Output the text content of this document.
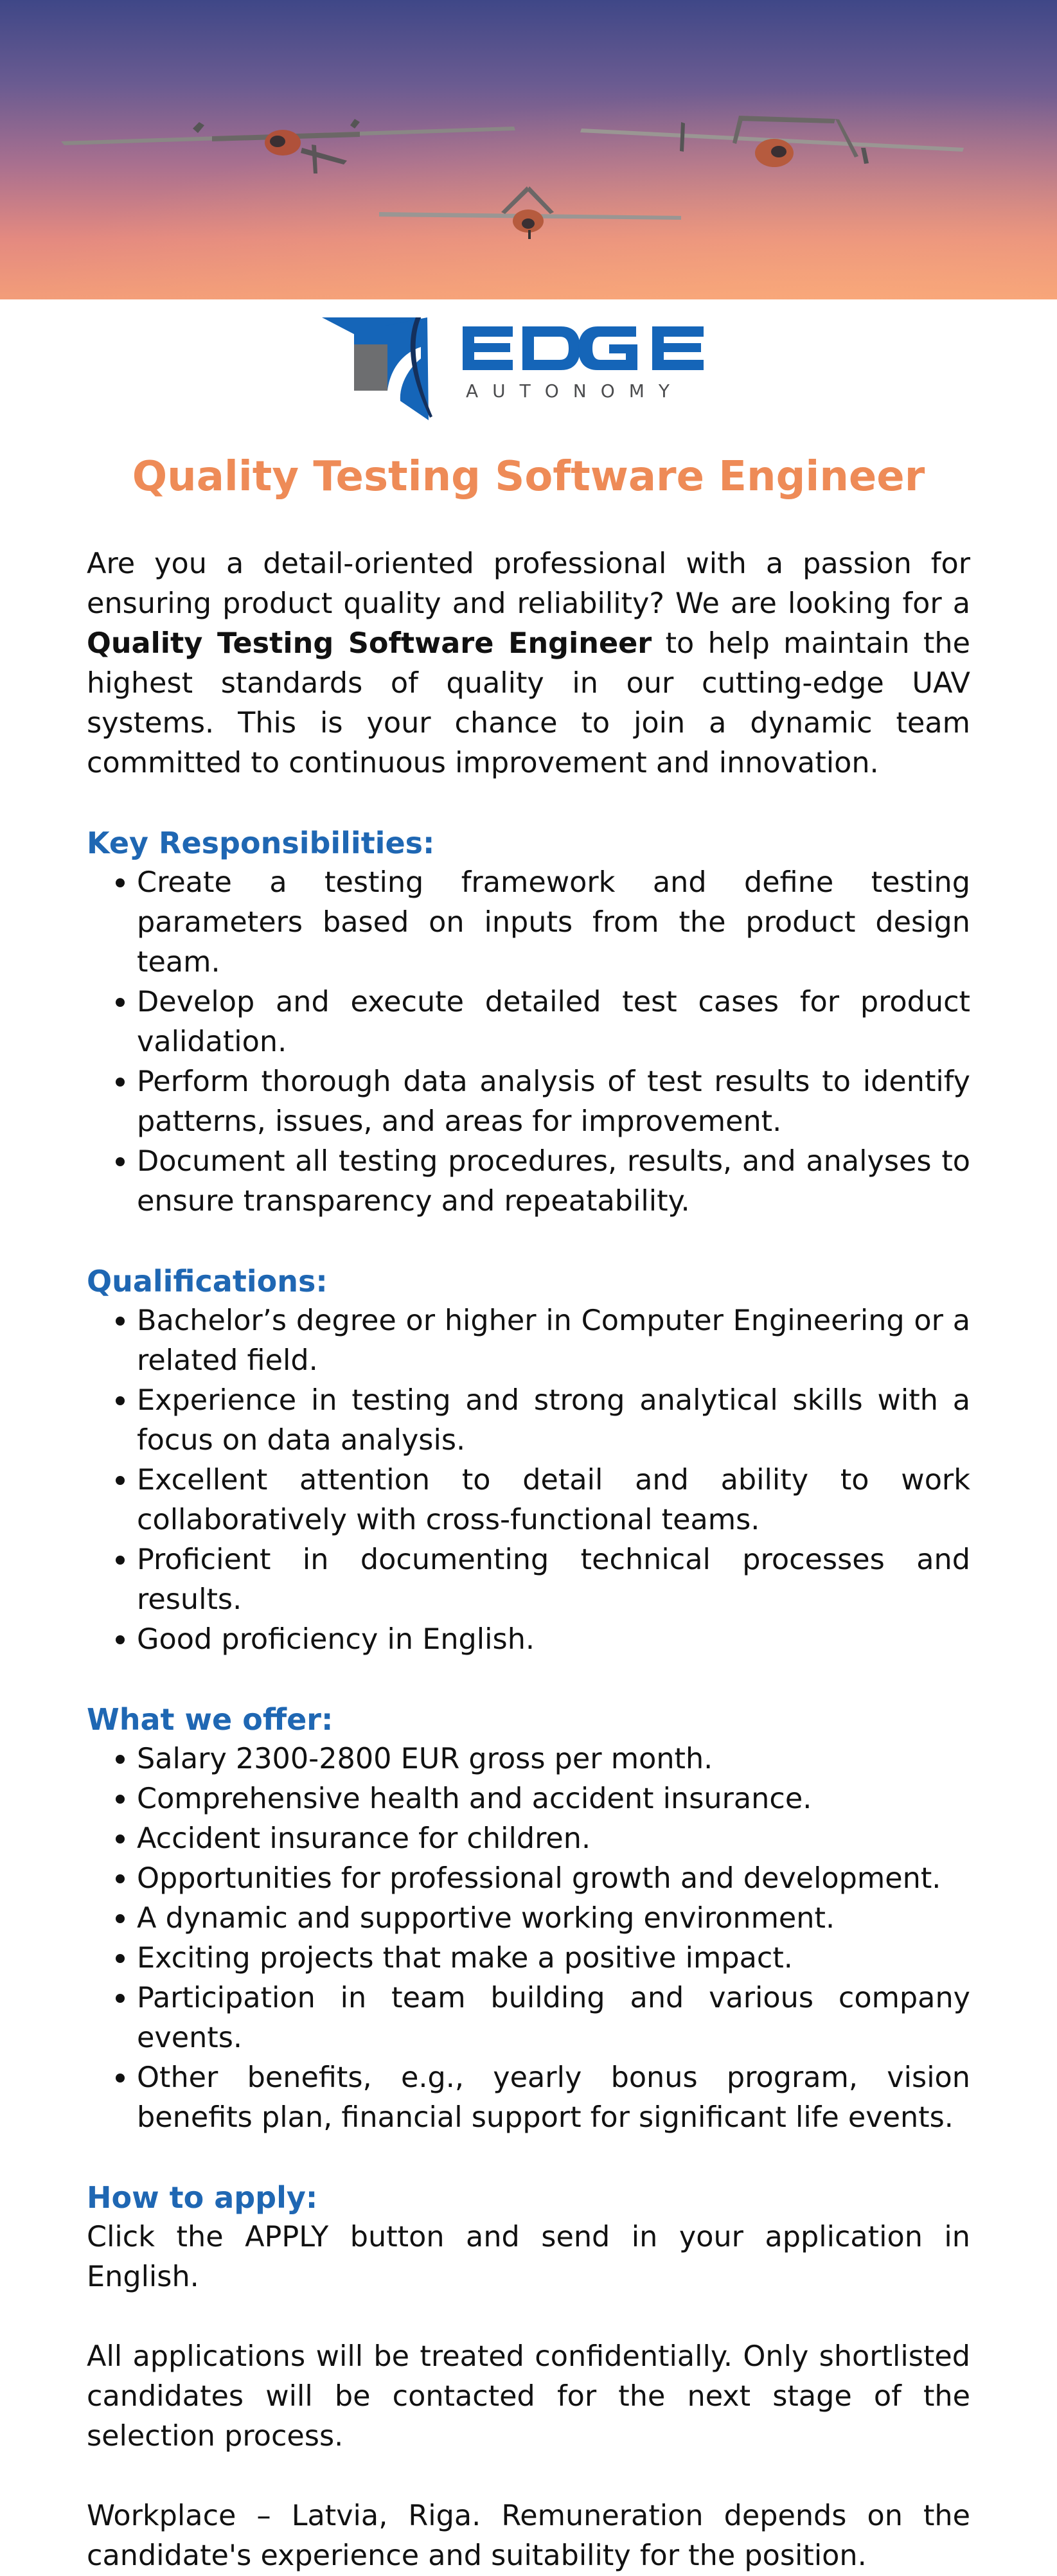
AUTONOMY
Quality Testing Software Engineer

Are you a detail-oriented professional with a passion for ensuring product quality and reliability? We are looking for a Quality Testing Software Engineer to help maintain the highest standards of quality in our cutting-edge UAV systems. This is your chance to join a dynamic team committed to continuous improvement and innovation.

Key Responsibilities:
Create a testing framework and define testing parameters based on inputs from the product design team.
Develop and execute detailed test cases for product validation.
Perform thorough data analysis of test results to identify patterns, issues, and areas for improvement.
Document all testing procedures, results, and analyses to ensure transparency and repeatability.
Qualifications:
Bachelor’s degree or higher in Computer Engineering or a related field.
Experience in testing and strong analytical skills with a focus on data analysis.
Excellent attention to detail and ability to work collaboratively with cross-functional teams.
Proficient in documenting technical processes and results.
Good proficiency in English.
What we offer:
Salary 2300-2800 EUR gross per month.
Comprehensive health and accident insurance.
Accident insurance for children.
Opportunities for professional growth and development.
A dynamic and supportive working environment.
Exciting projects that make a positive impact.
Participation in team building and various company events.
Other benefits, e.g., yearly bonus program, vision benefits plan, financial support for significant life events.
How to apply:

Click the APPLY button and send in your application in English.

All applications will be treated confidentially. Only shortlisted candidates will be contacted for the next stage of the selection process.

Workplace – Latvia, Riga. Remuneration depends on the candidate's experience and suitability for the position.
